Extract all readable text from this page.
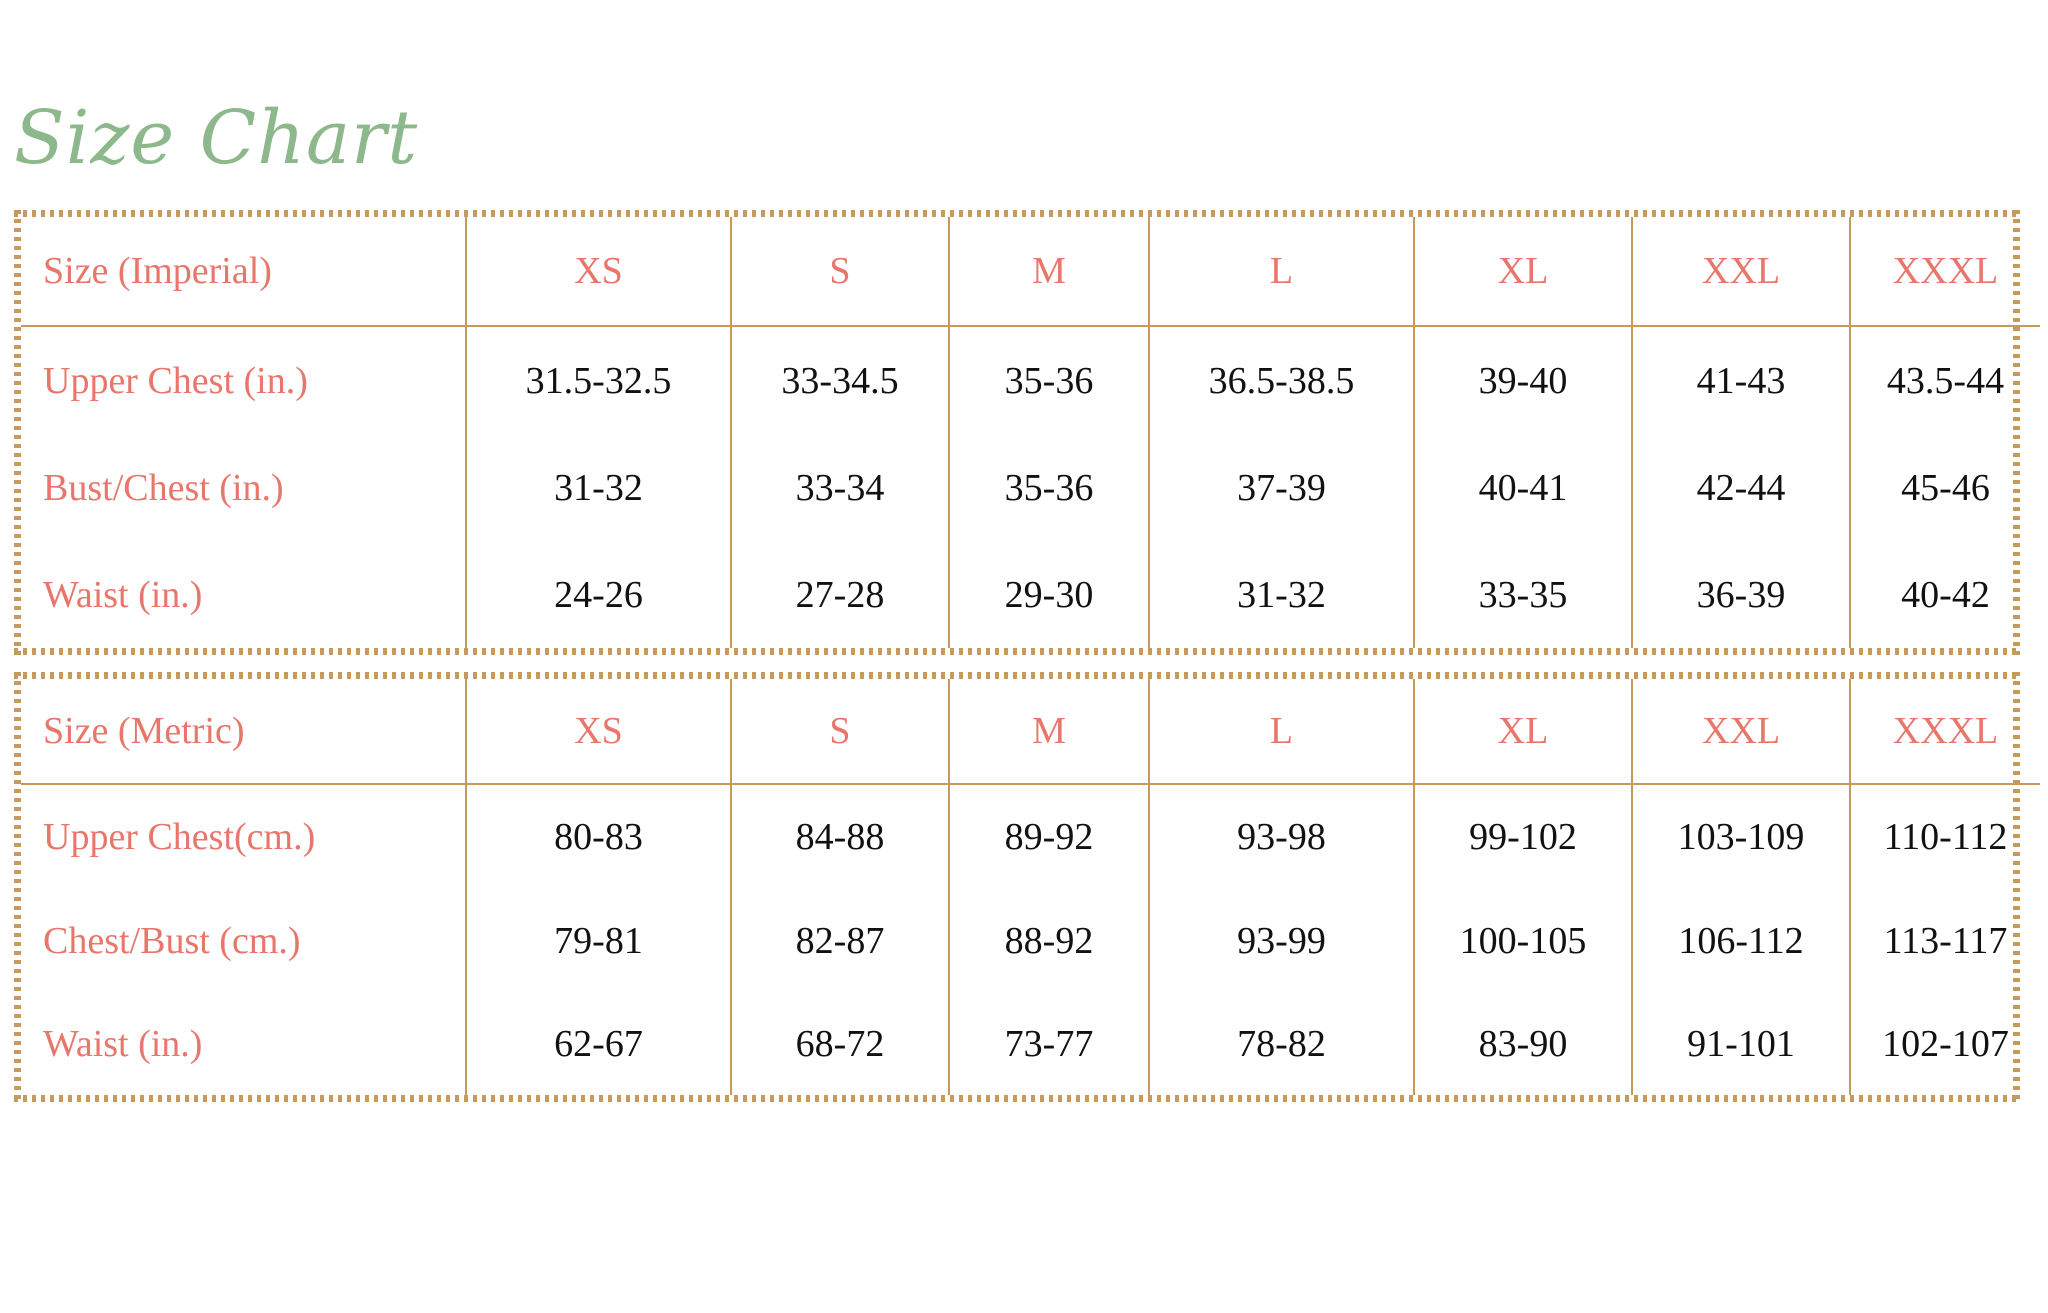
Size Chart
Size (Imperial)	XS	S	M	L	XL	XXL	XXXL
Upper Chest (in.)	31.5-32.5	33-34.5	35-36	36.5-38.5	39-40	41-43	43.5-44
Bust/Chest (in.)	31-32	33-34	35-36	37-39	40-41	42-44	45-46
Waist (in.)	24-26	27-28	29-30	31-32	33-35	36-39	40-42
Size (Metric)	XS	S	M	L	XL	XXL	XXXL
Upper Chest(cm.)	80-83	84-88	89-92	93-98	99-102	103-109	110-112
Chest/Bust (cm.)	79-81	82-87	88-92	93-99	100-105	106-112	113-117
Waist (in.)	62-67	68-72	73-77	78-82	83-90	91-101	102-107
